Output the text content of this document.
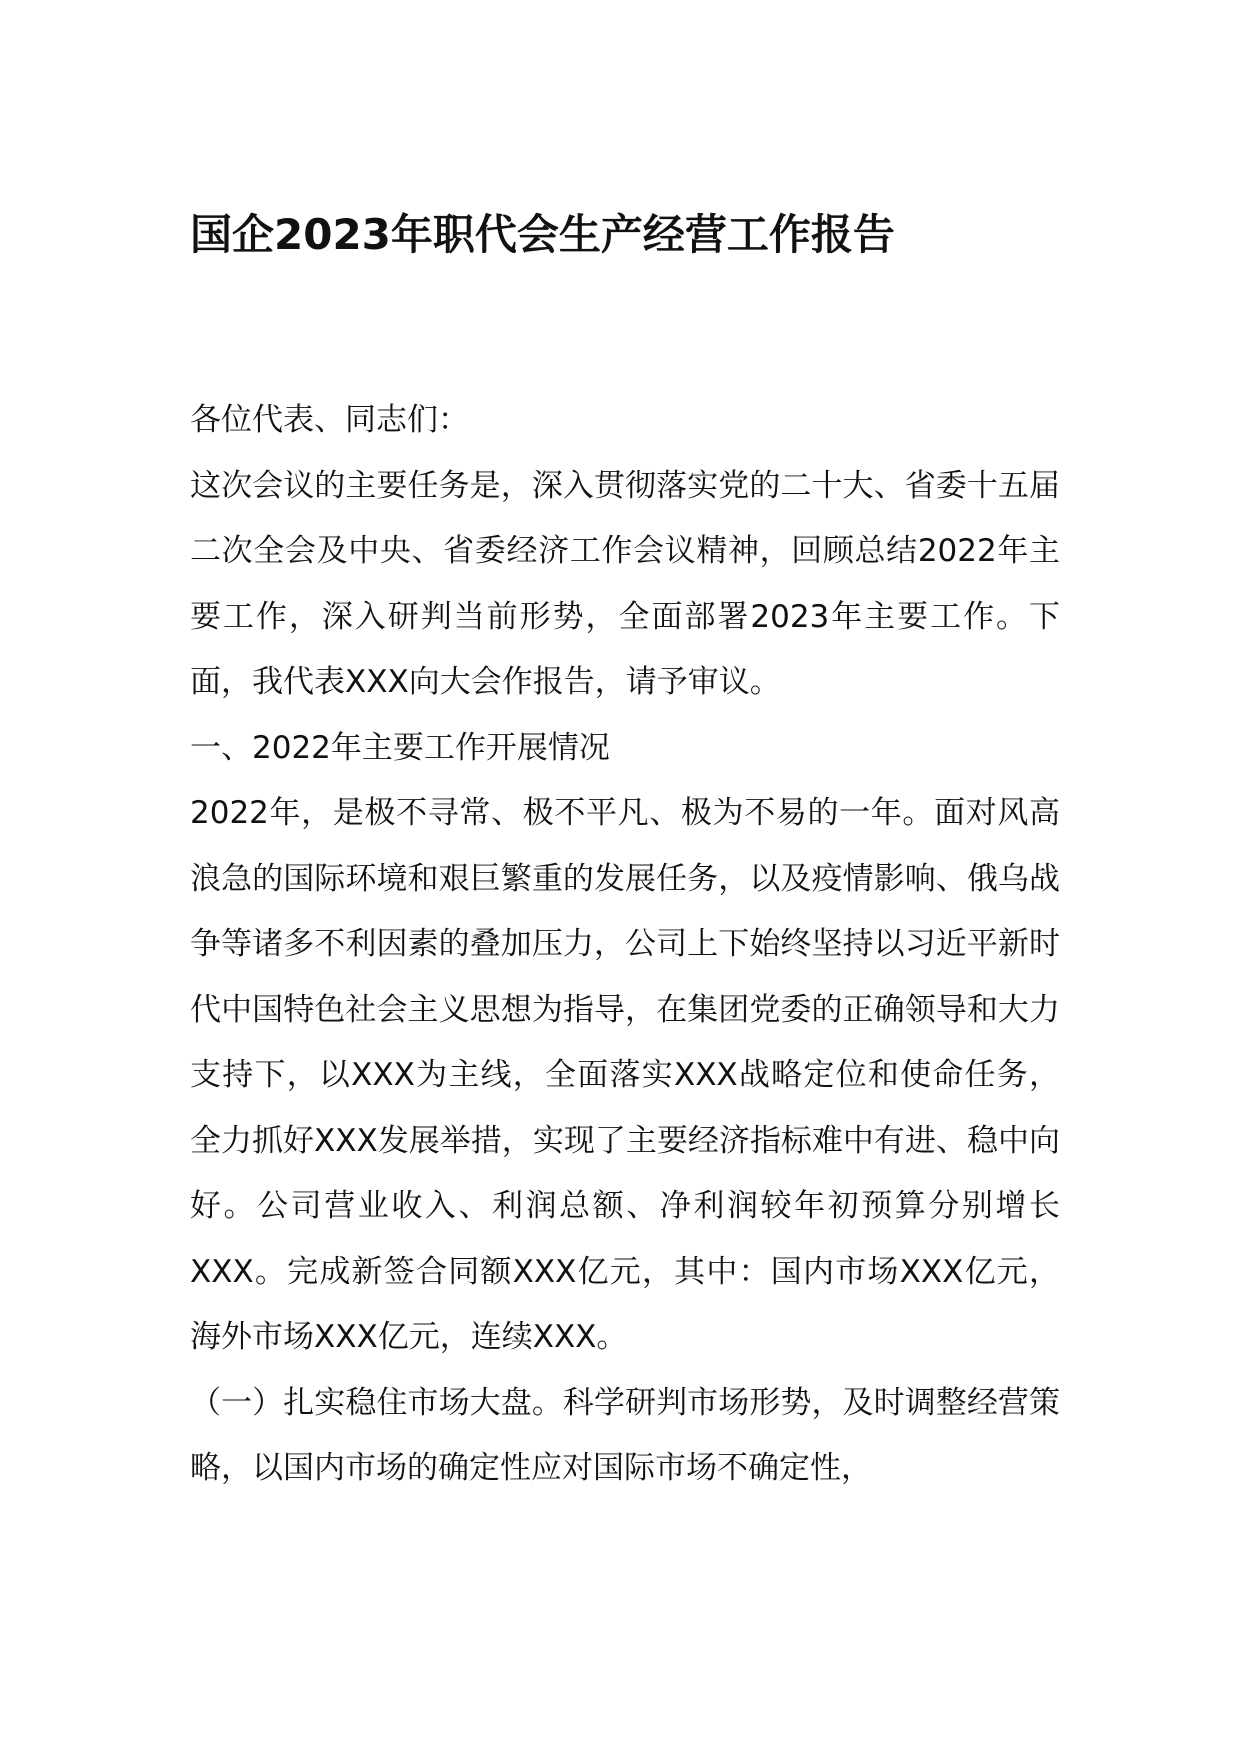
国企2023年职代会生产经营工作报告

各位代表、同志们：

这次会议的主要任务是，深入贯彻落实党的二十大、省委十五届二次全会及中央、省委经济工作会议精神，回顾总结2022年主要工作，深入研判当前形势，全面部署2023年主要工作。下面，我代表XXX向大会作报告，请予审议。

一、2022年主要工作开展情况

2022年，是极不寻常、极不平凡、极为不易的一年。面对风高浪急的国际环境和艰巨繁重的发展任务，以及疫情影响、俄乌战争等诸多不利因素的叠加压力，公司上下始终坚持以习近平新时代中国特色社会主义思想为指导，在集团党委的正确领导和大力支持下，以XXX为主线，全面落实XXX战略定位和使命任务，全力抓好XXX发展举措，实现了主要经济指标难中有进、稳中向好。公司营业收入、利润总额、净利润较年初预算分别增长XXX。完成新签合同额XXX亿元，其中：国内市场XXX亿元，海外市场XXX亿元，连续XXX。

（一）扎实稳住市场大盘。科学研判市场形势，及时调整经营策略，以国内市场的确定性应对国际市场不确定性，
